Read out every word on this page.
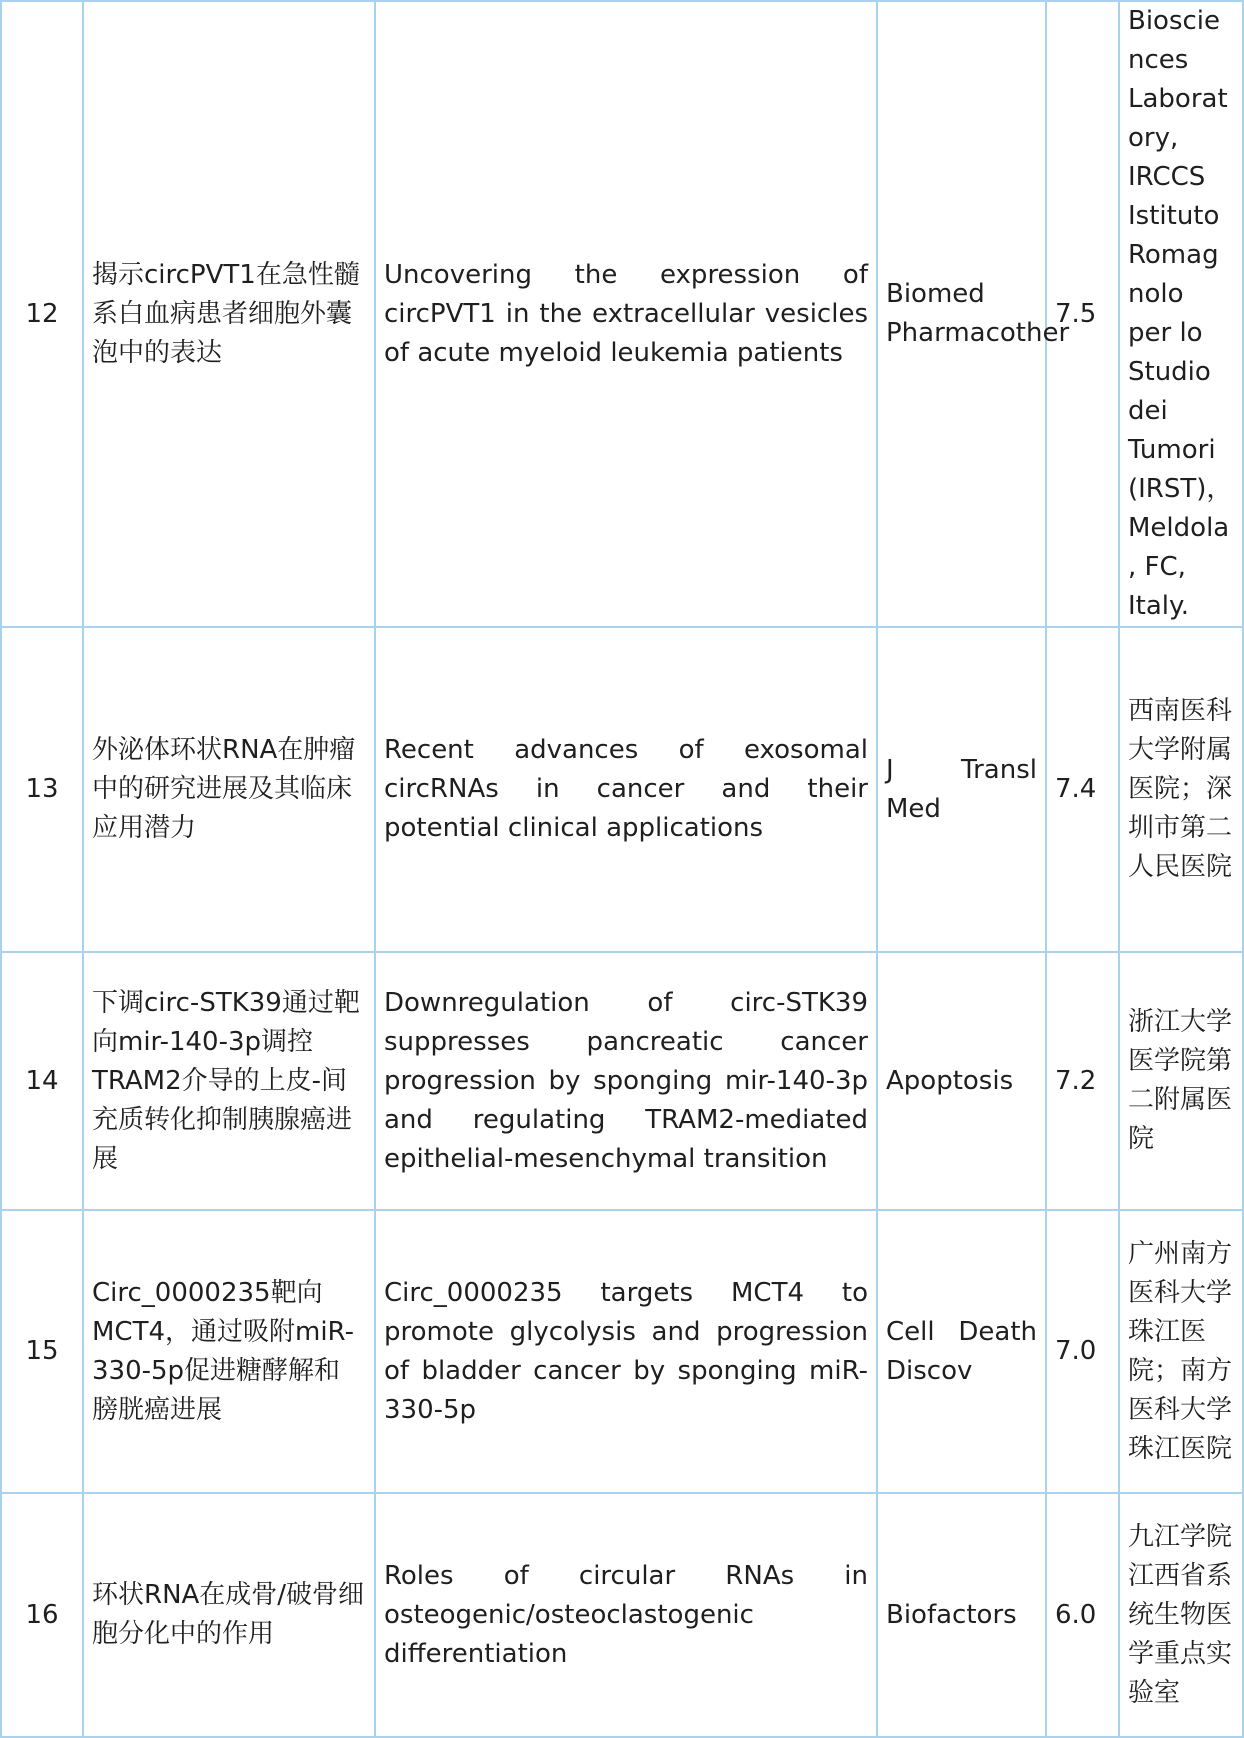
12	揭示circPVT1在急性髓系白血病患者细胞外囊泡中的表达	Uncovering the expression of circPVT1 in the extracellular vesicles of acute myeloid leukemia patients	Biomed Pharmacother	7.5	Biosciences Laboratory, IRCCS Istituto Romagnolo per lo Studio dei Tumori (IRST)，Meldola, FC, Italy.
13	外泌体环状RNA在肿瘤中的研究进展及其临床应用潜力	Recent advances of exosomal circRNAs in cancer and their potential clinical applications	J Transl Med	7.4	西南医科大学附属医院；深圳市第二人民医院
14	下调circ-STK39通过靶向mir-140-3p调控TRAM2介导的上皮-间充质转化抑制胰腺癌进展	Downregulation of circ-STK39 suppresses pancreatic cancer progression by sponging mir-140-3p and regulating TRAM2-mediated epithelial-mesenchymal transition	Apoptosis	7.2	浙江大学医学院第二附属医院
15	Circ_0000235靶向MCT4，通过吸附miR-330-5p促进糖酵解和膀胱癌进展	Circ_0000235 targets MCT4 to promote glycolysis and progression of bladder cancer by sponging miR-330-5p	Cell Death Discov	7.0	广州南方医科大学珠江医院；南方医科大学珠江医院
16	环状RNA在成骨/破骨细胞分化中的作用	Roles of circular RNAs in osteogenic/osteoclastogenic differentiation	Biofactors	6.0	九江学院江西省系统生物医学重点实验室
